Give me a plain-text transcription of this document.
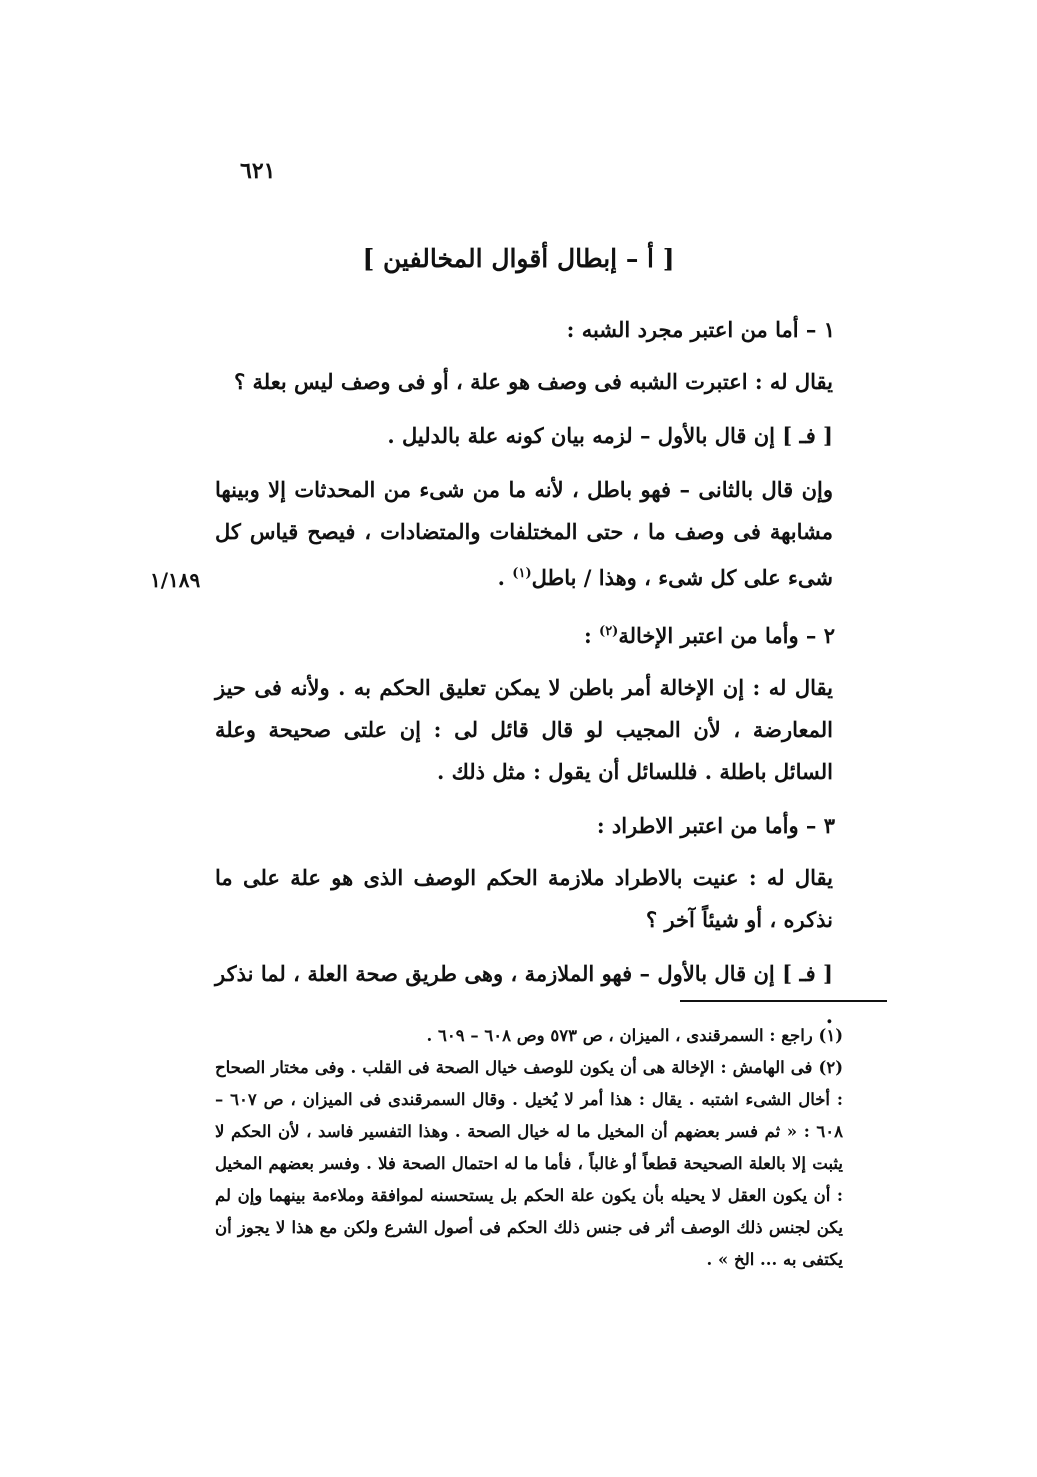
٦٢١
[ أ – إبطال أقوال المخالفين ]
١/١٨٩

١ – أما من اعتبر مجرد الشبه :

يقال له : اعتبرت الشبه فى وصف هو علة ، أو فى وصف ليس بعلة ؟

[ فـ ] إن قال بالأول – لزمه بيان كونه علة بالدليل .

وإن قال بالثانى – فهو باطل ، لأنه ما من شىء من المحدثات إلا وبينها مشابهة فى وصف ما ، حتى المختلفات والمتضادات ، فيصح قياس كل شىء على كل شىء ، وهذا / باطل$^{(١)}$ .

٢ – وأما من اعتبر الإخالة$^{(٢)}$ :

يقال له : إن الإخالة أمر باطن لا يمكن تعليق الحكم به . ولأنه فى حيز المعارضة ، لأن المجيب لو قال قائل لى : إن علتى صحيحة وعلة السائل باطلة . فللسائل أن يقول : مثل ذلك .

٣ – وأما من اعتبر الاطراد :

يقال له : عنيت بالاطراد ملازمة الحكم الوصف الذى هو علة على ما نذكره ، أو شيئاً آخر ؟

[ فـ ] إن قال بالأول – فهو الملازمة ، وهى طريق صحة العلة ، لما نذكر .

(١) راجع : السمرقندى ، الميزان ، ص ٥٧٣ وص ٦٠٨ – ٦٠٩ .

(٢) فى الهامش : الإخالة هى أن يكون للوصف خيال الصحة فى القلب . وفى مختار الصحاح : أخال الشىء اشتبه . يقال : هذا أمر لا يُخيل . وقال السمرقندى فى الميزان ، ص ٦٠٧ – ٦٠٨ : « ثم فسر بعضهم أن المخيل ما له خيال الصحة . وهذا التفسير فاسد ، لأن الحكم لا يثبت إلا بالعلة الصحيحة قطعاً أو غالباً ، فأما ما له احتمال الصحة فلا . وفسر بعضهم المخيل : أن يكون العقل لا يحيله بأن يكون علة الحكم بل يستحسنه لموافقة وملاءمة بينهما وإن لم يكن لجنس ذلك الوصف أثر فى جنس ذلك الحكم فى أصول الشرع ولكن مع هذا لا يجوز أن يكتفى به ... الخ » .
